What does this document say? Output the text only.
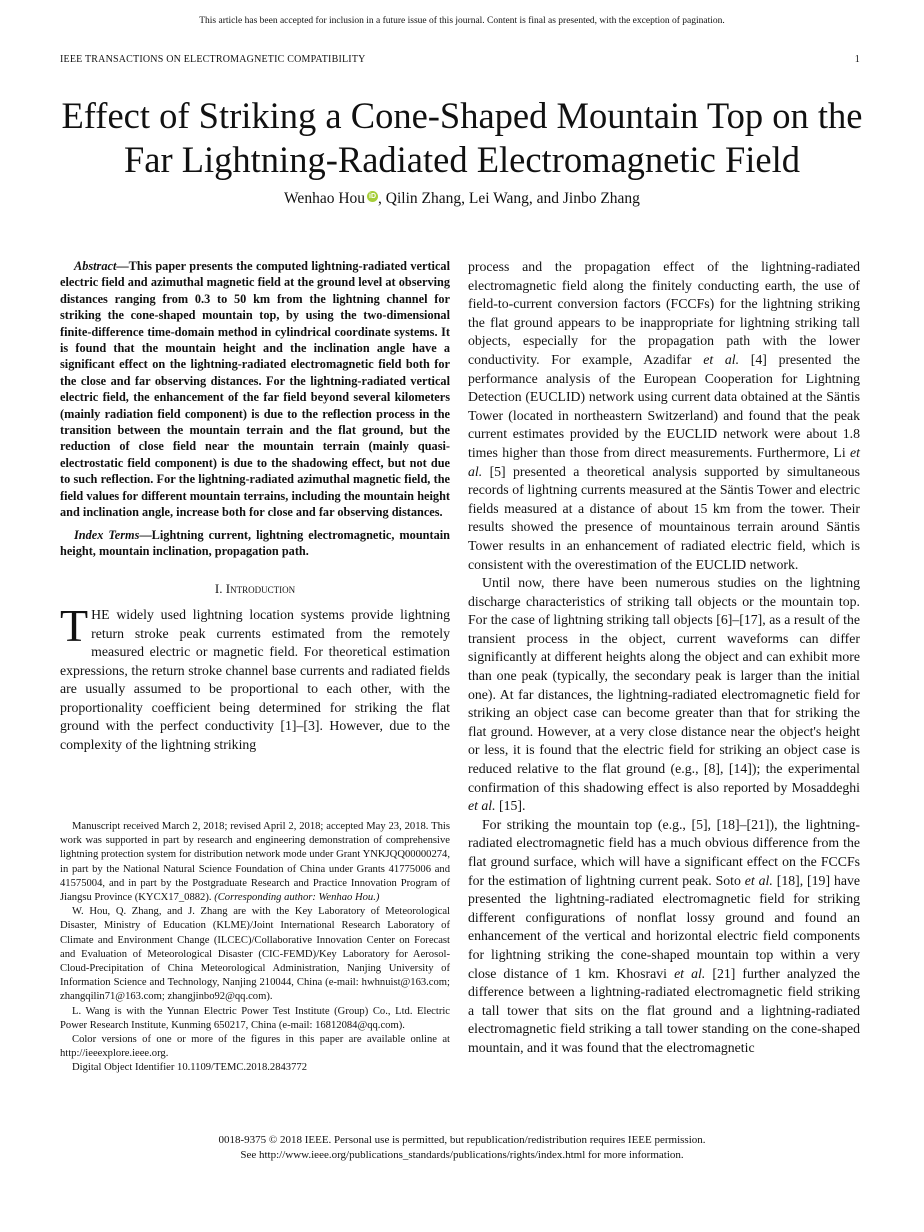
This article has been accepted for inclusion in a future issue of this journal. Content is final as presented, with the exception of pagination.
IEEE TRANSACTIONS ON ELECTROMAGNETIC COMPATIBILITY	1
Effect of Striking a Cone-Shaped Mountain Top on the Far Lightning-Radiated Electromagnetic Field
Wenhao Hou iD , Qilin Zhang, Lei Wang, and Jinbo Zhang

Abstract—This paper presents the computed lightning-radiated vertical electric field and azimuthal magnetic field at the ground level at observing distances ranging from 0.3 to 50 km from the lightning channel for striking the cone-shaped mountain top, by using the two-dimensional finite-difference time-domain method in cylindrical coordinate systems. It is found that the mountain height and the inclination angle have a significant effect on the lightning-radiated electromagnetic field both for the close and far observing distances. For the lightning-radiated vertical electric field, the enhancement of the far field beyond several kilometers (mainly radiation field component) is due to the reflection process in the transition between the mountain terrain and the flat ground, but the reduction of close field near the mountain terrain (mainly quasi-electrostatic field component) is due to the shadowing effect, but not due to such reflection. For the lightning-radiated azimuthal magnetic field, the field values for different mountain terrains, including the mountain height and inclination angle, increase both for close and far observing distances.

Index Terms—Lightning current, lightning electromagnetic, mountain height, mountain inclination, propagation path.

I. Introduction

THE widely used lightning location systems provide lightning return stroke peak currents estimated from the remotely measured electric or magnetic field. For theoretical estimation expressions, the return stroke channel base currents and radiated fields are usually assumed to be proportional to each other, with the proportionality coefficient being determined for striking the flat ground with the perfect conductivity [1]–[3]. However, due to the complexity of the lightning striking

Manuscript received March 2, 2018; revised April 2, 2018; accepted May 23, 2018. This work was supported in part by research and engineering demonstration of comprehensive lightning protection system for distribution network mode under Grant YNKJQQ00000274, in part by the National Natural Science Foundation of China under Grants 41775006 and 41575004, and in part by the Postgraduate Research and Practice Innovation Program of Jiangsu Province (KYCX17_0882). (Corresponding author: Wenhao Hou.)

W. Hou, Q. Zhang, and J. Zhang are with the Key Laboratory of Meteorological Disaster, Ministry of Education (KLME)/Joint International Research Laboratory of Climate and Environment Change (ILCEC)/Collaborative Innovation Center on Forecast and Evaluation of Meteorological Disaster (CIC-FEMD)/Key Laboratory for Aerosol-Cloud-Precipitation of China Meteorological Administration, Nanjing University of Information Science and Technology, Nanjing 210044, China (e-mail: hwhnuist@163.com; zhangqilin71@163.com; zhangjinbo92@qq.com).

L. Wang is with the Yunnan Electric Power Test Institute (Group) Co., Ltd. Electric Power Research Institute, Kunming 650217, China (e-mail: 16812084@qq.com).

Color versions of one or more of the figures in this paper are available online at http://ieeexplore.ieee.org.

Digital Object Identifier 10.1109/TEMC.2018.2843772

process and the propagation effect of the lightning-radiated electromagnetic field along the finitely conducting earth, the use of field-to-current conversion factors (FCCFs) for the lightning striking the flat ground appears to be inappropriate for lightning striking tall objects, especially for the propagation path with the lower conductivity. For example, Azadifar et al. [4] presented the performance analysis of the European Cooperation for Lightning Detection (EUCLID) network using current data obtained at the Säntis Tower (located in northeastern Switzerland) and found that the peak current estimates provided by the EUCLID network were about 1.8 times higher than those from direct measurements. Furthermore, Li et al. [5] presented a theoretical analysis supported by simultaneous records of lightning currents measured at the Säntis Tower and electric fields measured at a distance of about 15 km from the tower. Their results showed the presence of mountainous terrain around Säntis Tower results in an enhancement of radiated electric field, which is consistent with the overestimation of the EUCLID network.

Until now, there have been numerous studies on the lightning discharge characteristics of striking tall objects or the mountain top. For the case of lightning striking tall objects [6]–[17], as a result of the transient process in the object, current waveforms can differ significantly at different heights along the object and can exhibit more than one peak (typically, the secondary peak is larger than the initial one). At far distances, the lightning-radiated electromagnetic field for striking an object case can become greater than that for striking the flat ground. However, at a very close distance near the object's height or less, it is found that the electric field for striking an object case is reduced relative to the flat ground (e.g., [8], [14]); the experimental confirmation of this shadowing effect is also reported by Mosaddeghi et al. [15].

For striking the mountain top (e.g., [5], [18]–[21]), the lightning-radiated electromagnetic field has a much obvious difference from the flat ground surface, which will have a significant effect on the FCCFs for the estimation of lightning current peak. Soto et al. [18], [19] have presented the lightning-radiated electromagnetic field for striking different configurations of nonflat lossy ground and found an enhancement of the vertical and horizontal electric field components for lightning striking the cone-shaped mountain top within a very close distance of 1 km. Khosravi et al. [21] further analyzed the difference between a lightning-radiated electromagnetic field striking a tall tower that sits on the flat ground and a lightning-radiated electromagnetic field striking a tall tower standing on the cone-shaped mountain, and it was found that the electromagnetic

0018-9375 © 2018 IEEE. Personal use is permitted, but republication/redistribution requires IEEE permission.
See http://www.ieee.org/publications_standards/publications/rights/index.html for more information.
